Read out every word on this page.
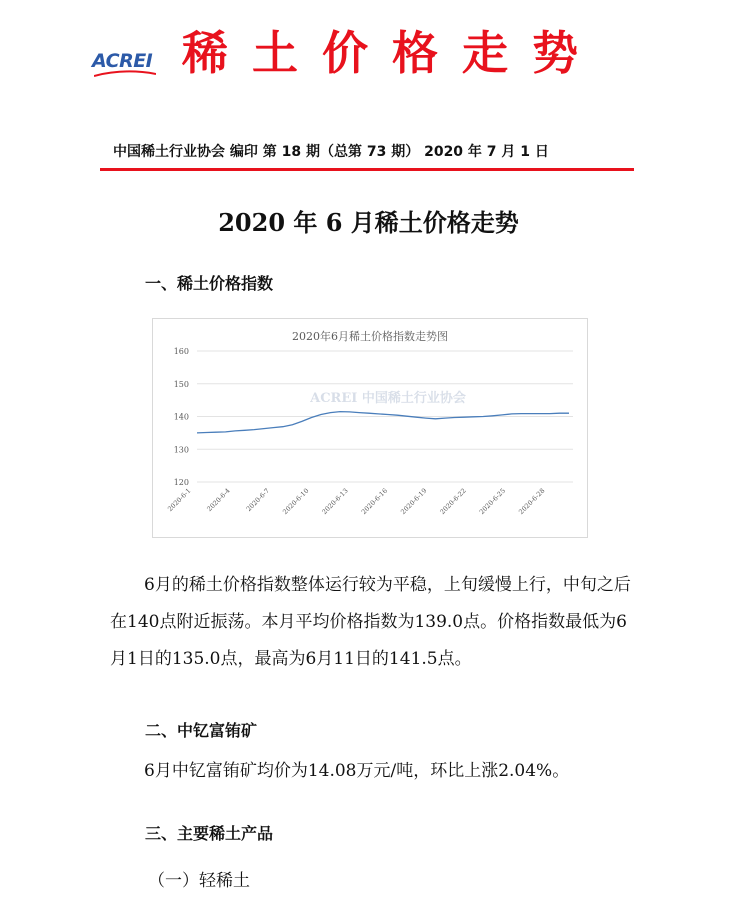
ACREI 稀土价格走势
中国稀土行业协会 编印 第 18 期（总第 73 期） 2020 年 7 月 1 日
2020 年 6 月稀土价格走势
一、稀土价格指数
2020年6月稀土价格指数走势图
120
130
140
150
160
ACREI 中国稀土行业协会
2020-6-1 2020-6-4 2020-6-7 2020-6-10 2020-6-13 2020-6-16 2020-6-19 2020-6-22 2020-6-25 2020-6-28
6月的稀土价格指数整体运行较为平稳，上旬缓慢上行，中旬之后在140点附近振荡。本月平均价格指数为139.0点。价格指数最低为6月1日的135.0点，最高为6月11日的141.5点。
二、中钇富铕矿
6月中钇富铕矿均价为14.08万元/吨，环比上涨2.04%。
三、主要稀土产品
（一）轻稀土
